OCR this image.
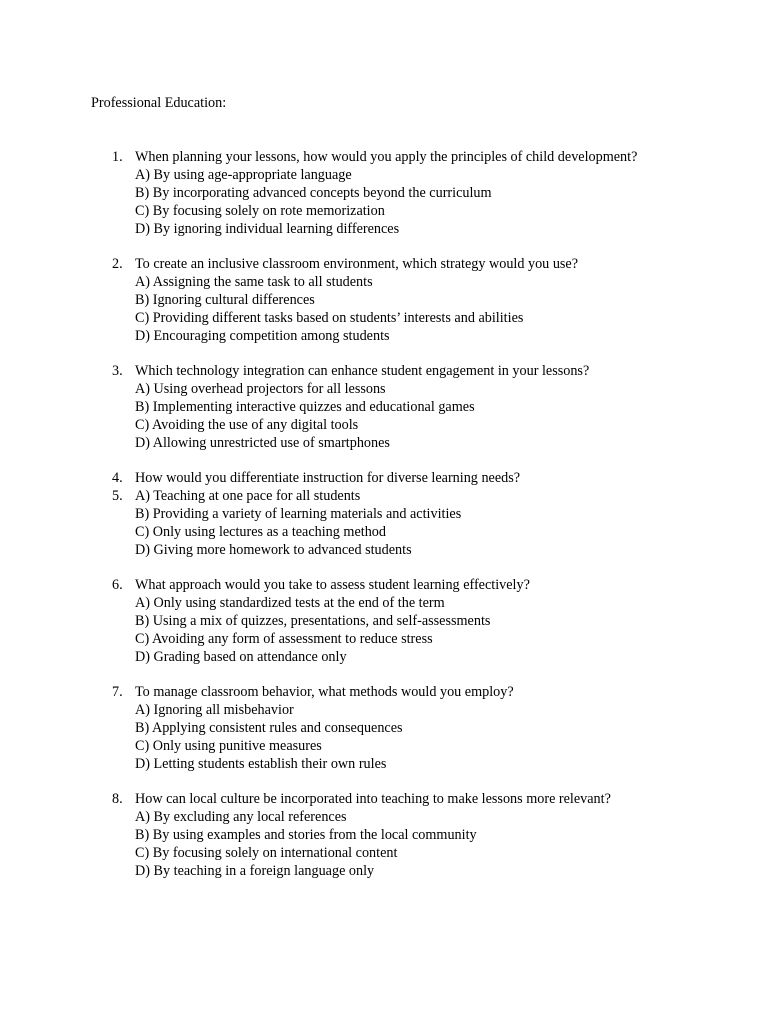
Professional Education:
1. When planning your lessons, how would you apply the principles of child development?
A) By using age-appropriate language
B) By incorporating advanced concepts beyond the curriculum
C) By focusing solely on rote memorization
D) By ignoring individual learning differences
2. To create an inclusive classroom environment, which strategy would you use?
A) Assigning the same task to all students
B) Ignoring cultural differences
C) Providing different tasks based on students’ interests and abilities
D) Encouraging competition among students
3. Which technology integration can enhance student engagement in your lessons?
A) Using overhead projectors for all lessons
B) Implementing interactive quizzes and educational games
C) Avoiding the use of any digital tools
D) Allowing unrestricted use of smartphones
4. How would you differentiate instruction for diverse learning needs?
5. A) Teaching at one pace for all students
B) Providing a variety of learning materials and activities
C) Only using lectures as a teaching method
D) Giving more homework to advanced students
6. What approach would you take to assess student learning effectively?
A) Only using standardized tests at the end of the term
B) Using a mix of quizzes, presentations, and self-assessments
C) Avoiding any form of assessment to reduce stress
D) Grading based on attendance only
7. To manage classroom behavior, what methods would you employ?
A) Ignoring all misbehavior
B) Applying consistent rules and consequences
C) Only using punitive measures
D) Letting students establish their own rules
8. How can local culture be incorporated into teaching to make lessons more relevant?
A) By excluding any local references
B) By using examples and stories from the local community
C) By focusing solely on international content
D) By teaching in a foreign language only
